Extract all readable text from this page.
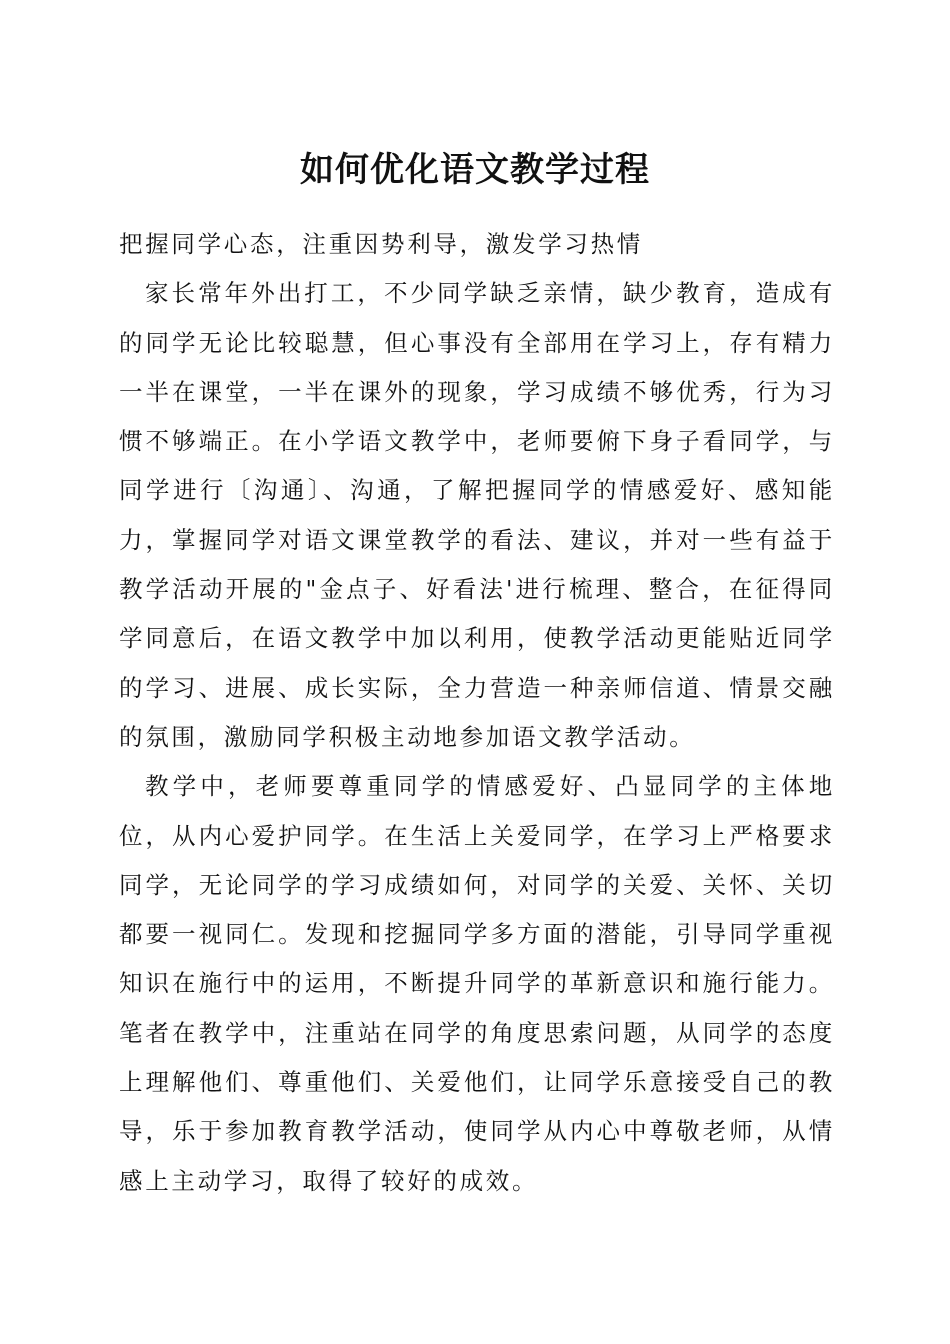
如何优化语文教学过程

把握同学心态，注重因势利导，激发学习热情

家长常年外出打工，不少同学缺乏亲情，缺少教育，造成有的同学无论比较聪慧，但心事没有全部用在学习上，存有精力一半在课堂，一半在课外的现象，学习成绩不够优秀，行为习惯不够端正。在小学语文教学中，老师要俯下身子看同学，与同学进行〔沟通〕、沟通，了解把握同学的情感爱好、感知能力，掌握同学对语文课堂教学的看法、建议，并对一些有益于教学活动开展的"金点子、好看法'进行梳理、整合，在征得同学同意后，在语文教学中加以利用，使教学活动更能贴近同学的学习、进展、成长实际，全力营造一种亲师信道、情景交融的氛围，激励同学积极主动地参加语文教学活动。

教学中，老师要尊重同学的情感爱好、凸显同学的主体地位，从内心爱护同学。在生活上关爱同学，在学习上严格要求同学，无论同学的学习成绩如何，对同学的关爱、关怀、关切都要一视同仁。发现和挖掘同学多方面的潜能，引导同学重视知识在施行中的运用，不断提升同学的革新意识和施行能力。笔者在教学中，注重站在同学的角度思索问题，从同学的态度上理解他们、尊重他们、关爱他们，让同学乐意接受自己的教导，乐于参加教育教学活动，使同学从内心中尊敬老师，从情感上主动学习，取得了较好的成效。
